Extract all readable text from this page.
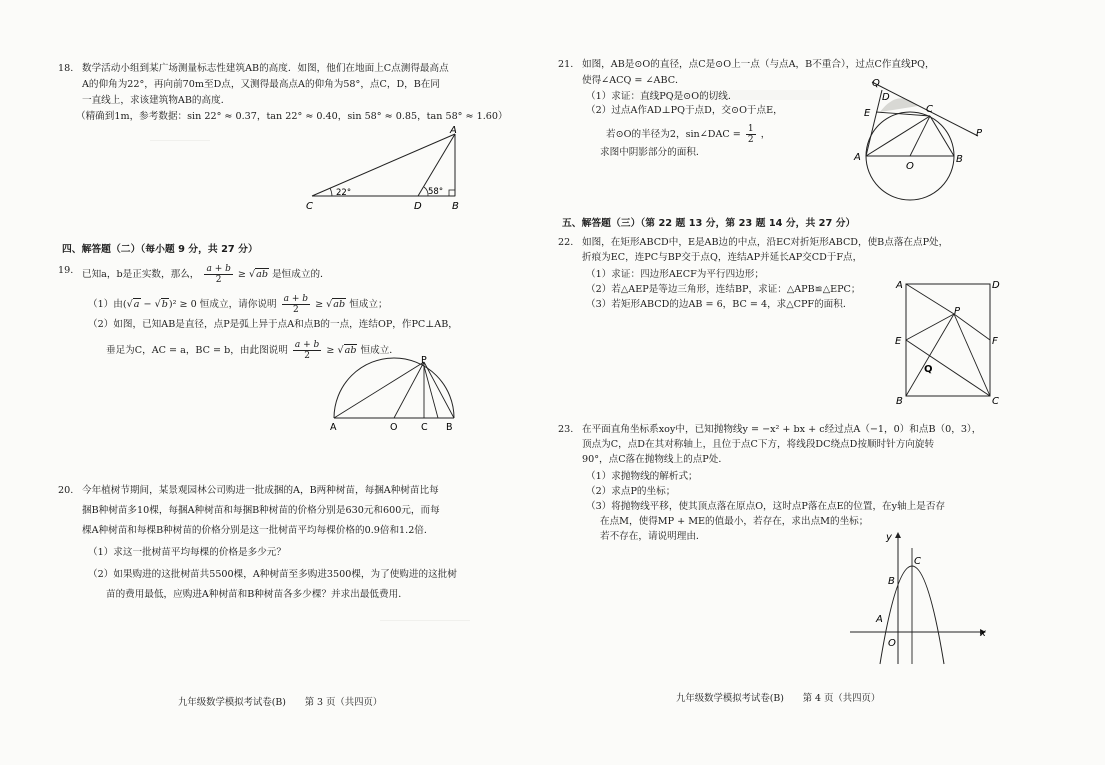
18. 数学活动小组到某广场测量标志性建筑AB的高度．如图，他们在地面上C点测得最高点
A的仰角为22°，再向前70m至D点，又测得最高点A的仰角为58°，点C，D，B在同
一直线上，求该建筑物AB的高度．
（精确到1m，参考数据：sin 22° ≈ 0.37，tan 22° ≈ 0.40，sin 58° ≈ 0.85，tan 58° ≈ 1.60）
A
C	D	B
22°	58°
四、解答题（二）（每小题 9 分，共 27 分）
19. 已知a，b是正实数，那么， $\frac{a + b}{2} \ge √ab$ 是恒成立的．
（1）由(√a − √b)² ≥ 0 恒成立，请你说明 $\frac{a + b}{2} \ge √ab$ 恒成立；
（2）如图，已知AB是直径，点P是弧上异于点A和点B的一点，连结OP，作PC⊥AB，
垂足为C，AC = a，BC = b，由此图说明 $\frac{a + b}{2} \ge √ab$ 恒成立．
P
A	O C B
20. 今年植树节期间，某景观园林公司购进一批成捆的A，B两种树苗，每捆A种树苗比每
捆B种树苗多10棵，每捆A种树苗和每捆B种树苗的价格分别是630元和600元，而每
棵A种树苗和每棵B种树苗的价格分别是这一批树苗平均每棵价格的0.9倍和1.2倍．
（1）求这一批树苗平均每棵的价格是多少元？
（2）如果购进的这批树苗共5500棵，A种树苗至多购进3500棵，为了使购进的这批树
苗的费用最低，应购进A种树苗和B种树苗各多少棵？并求出最低费用．
九年级数学模拟考试卷(B)　　第 3 页（共四页）
21. 如图，AB是⊙O的直径，点C是⊙O上一点（与点A，B不重合），过点C作直线PQ，
使得∠ACQ = ∠ABC．
（1）求证：直线PQ是⊙O的切线．
（2）过点A作AD⊥PQ于点D，交⊙O于点E，
若⊙O的半径为2，sin∠DAC = $\frac{1}{2}$ ，
求图中阴影部分的面积．
Q
D
E	C
P
A
O
B
五、解答题（三）（第 22 题 13 分，第 23 题 14 分，共 27 分）
22. 如图，在矩形ABCD中，E是AB边的中点，沿EC对折矩形ABCD，使B点落在点P处，
折痕为EC，连PC与BP交于点Q，连结AP并延长AP交CD于F点，
（1）求证：四边形AECF为平行四边形；
（2）若△AEP是等边三角形，连结BP，求证：△APB≌△EPC；
（3）若矩形ABCD的边AB = 6，BC = 4，求△CPF的面积．
A	D
P
E	F
Q
B	C
23. 在平面直角坐标系xoy中，已知抛物线y = −x² + bx + c经过点A（−1，0）和点B（0，3），
顶点为C，点D在其对称轴上，且位于点C下方，将线段DC绕点D按顺时针方向旋转
90°，点C落在抛物线上的点P处．
（1）求抛物线的解析式；
（2）求点P的坐标；
（3）将抛物线平移，使其顶点落在原点O，这时点P落在点E的位置，在y轴上是否存
在点M，使得MP + ME的值最小，若存在，求出点M的坐标；
若不存在，请说明理由．	y
x
C
B
A
O
九年级数学模拟考试卷(B)　　第 4 页（共四页）
